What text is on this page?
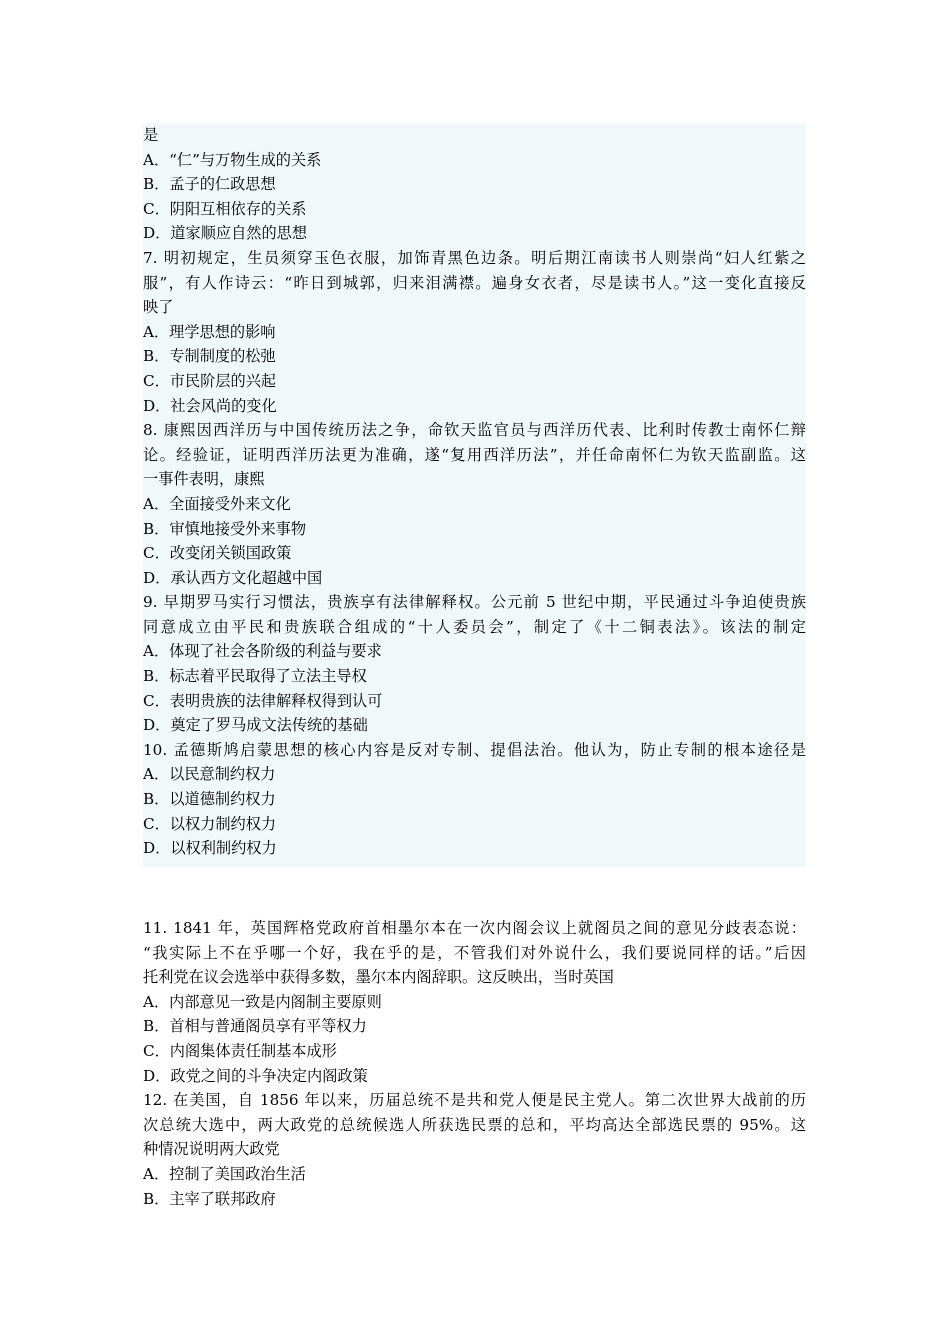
是
A．“仁”与万物生成的关系
B．孟子的仁政思想
C．阴阳互相依存的关系
D．道家顺应自然的思想
7. 明初规定，生员须穿玉色衣服，加饰青黑色边条。明后期江南读书人则崇尚“妇人红紫之
服”，有人作诗云：“昨日到城郭，归来泪满襟。遍身女衣者，尽是读书人。”这一变化直接反
映了
A．理学思想的影响
B．专制制度的松弛
C．市民阶层的兴起
D．社会风尚的变化
8. 康熙因西洋历与中国传统历法之争，命钦天监官员与西洋历代表、比利时传教士南怀仁辩
论。经验证，证明西洋历法更为准确，遂“复用西洋历法”，并任命南怀仁为钦天监副监。这
一事件表明，康熙
A．全面接受外来文化
B．审慎地接受外来事物
C．改变闭关锁国政策
D．承认西方文化超越中国
9. 早期罗马实行习惯法，贵族享有法律解释权。公元前 5 世纪中期，平民通过斗争迫使贵族
同意成立由平民和贵族联合组成的“十人委员会”，制定了《十二铜表法》。该法的制定
A．体现了社会各阶级的利益与要求
B．标志着平民取得了立法主导权
C．表明贵族的法律解释权得到认可
D．奠定了罗马成文法传统的基础
10. 孟德斯鸠启蒙思想的核心内容是反对专制、提倡法治。他认为，防止专制的根本途径是
A．以民意制约权力
B．以道德制约权力
C．以权力制约权力
D．以权利制约权力
11. 1841 年，英国辉格党政府首相墨尔本在一次内阁会议上就阁员之间的意见分歧表态说：
“我实际上不在乎哪一个好，我在乎的是，不管我们对外说什么，我们要说同样的话。”后因
托利党在议会选举中获得多数，墨尔本内阁辞职。这反映出，当时英国
A．内部意见一致是内阁制主要原则
B．首相与普通阁员享有平等权力
C．内阁集体责任制基本成形
D．政党之间的斗争决定内阁政策
12. 在美国，自 1856 年以来，历届总统不是共和党人便是民主党人。第二次世界大战前的历
次总统大选中，两大政党的总统候选人所获选民票的总和，平均高达全部选民票的 95%。这
种情况说明两大政党
A．控制了美国政治生活
B．主宰了联邦政府
